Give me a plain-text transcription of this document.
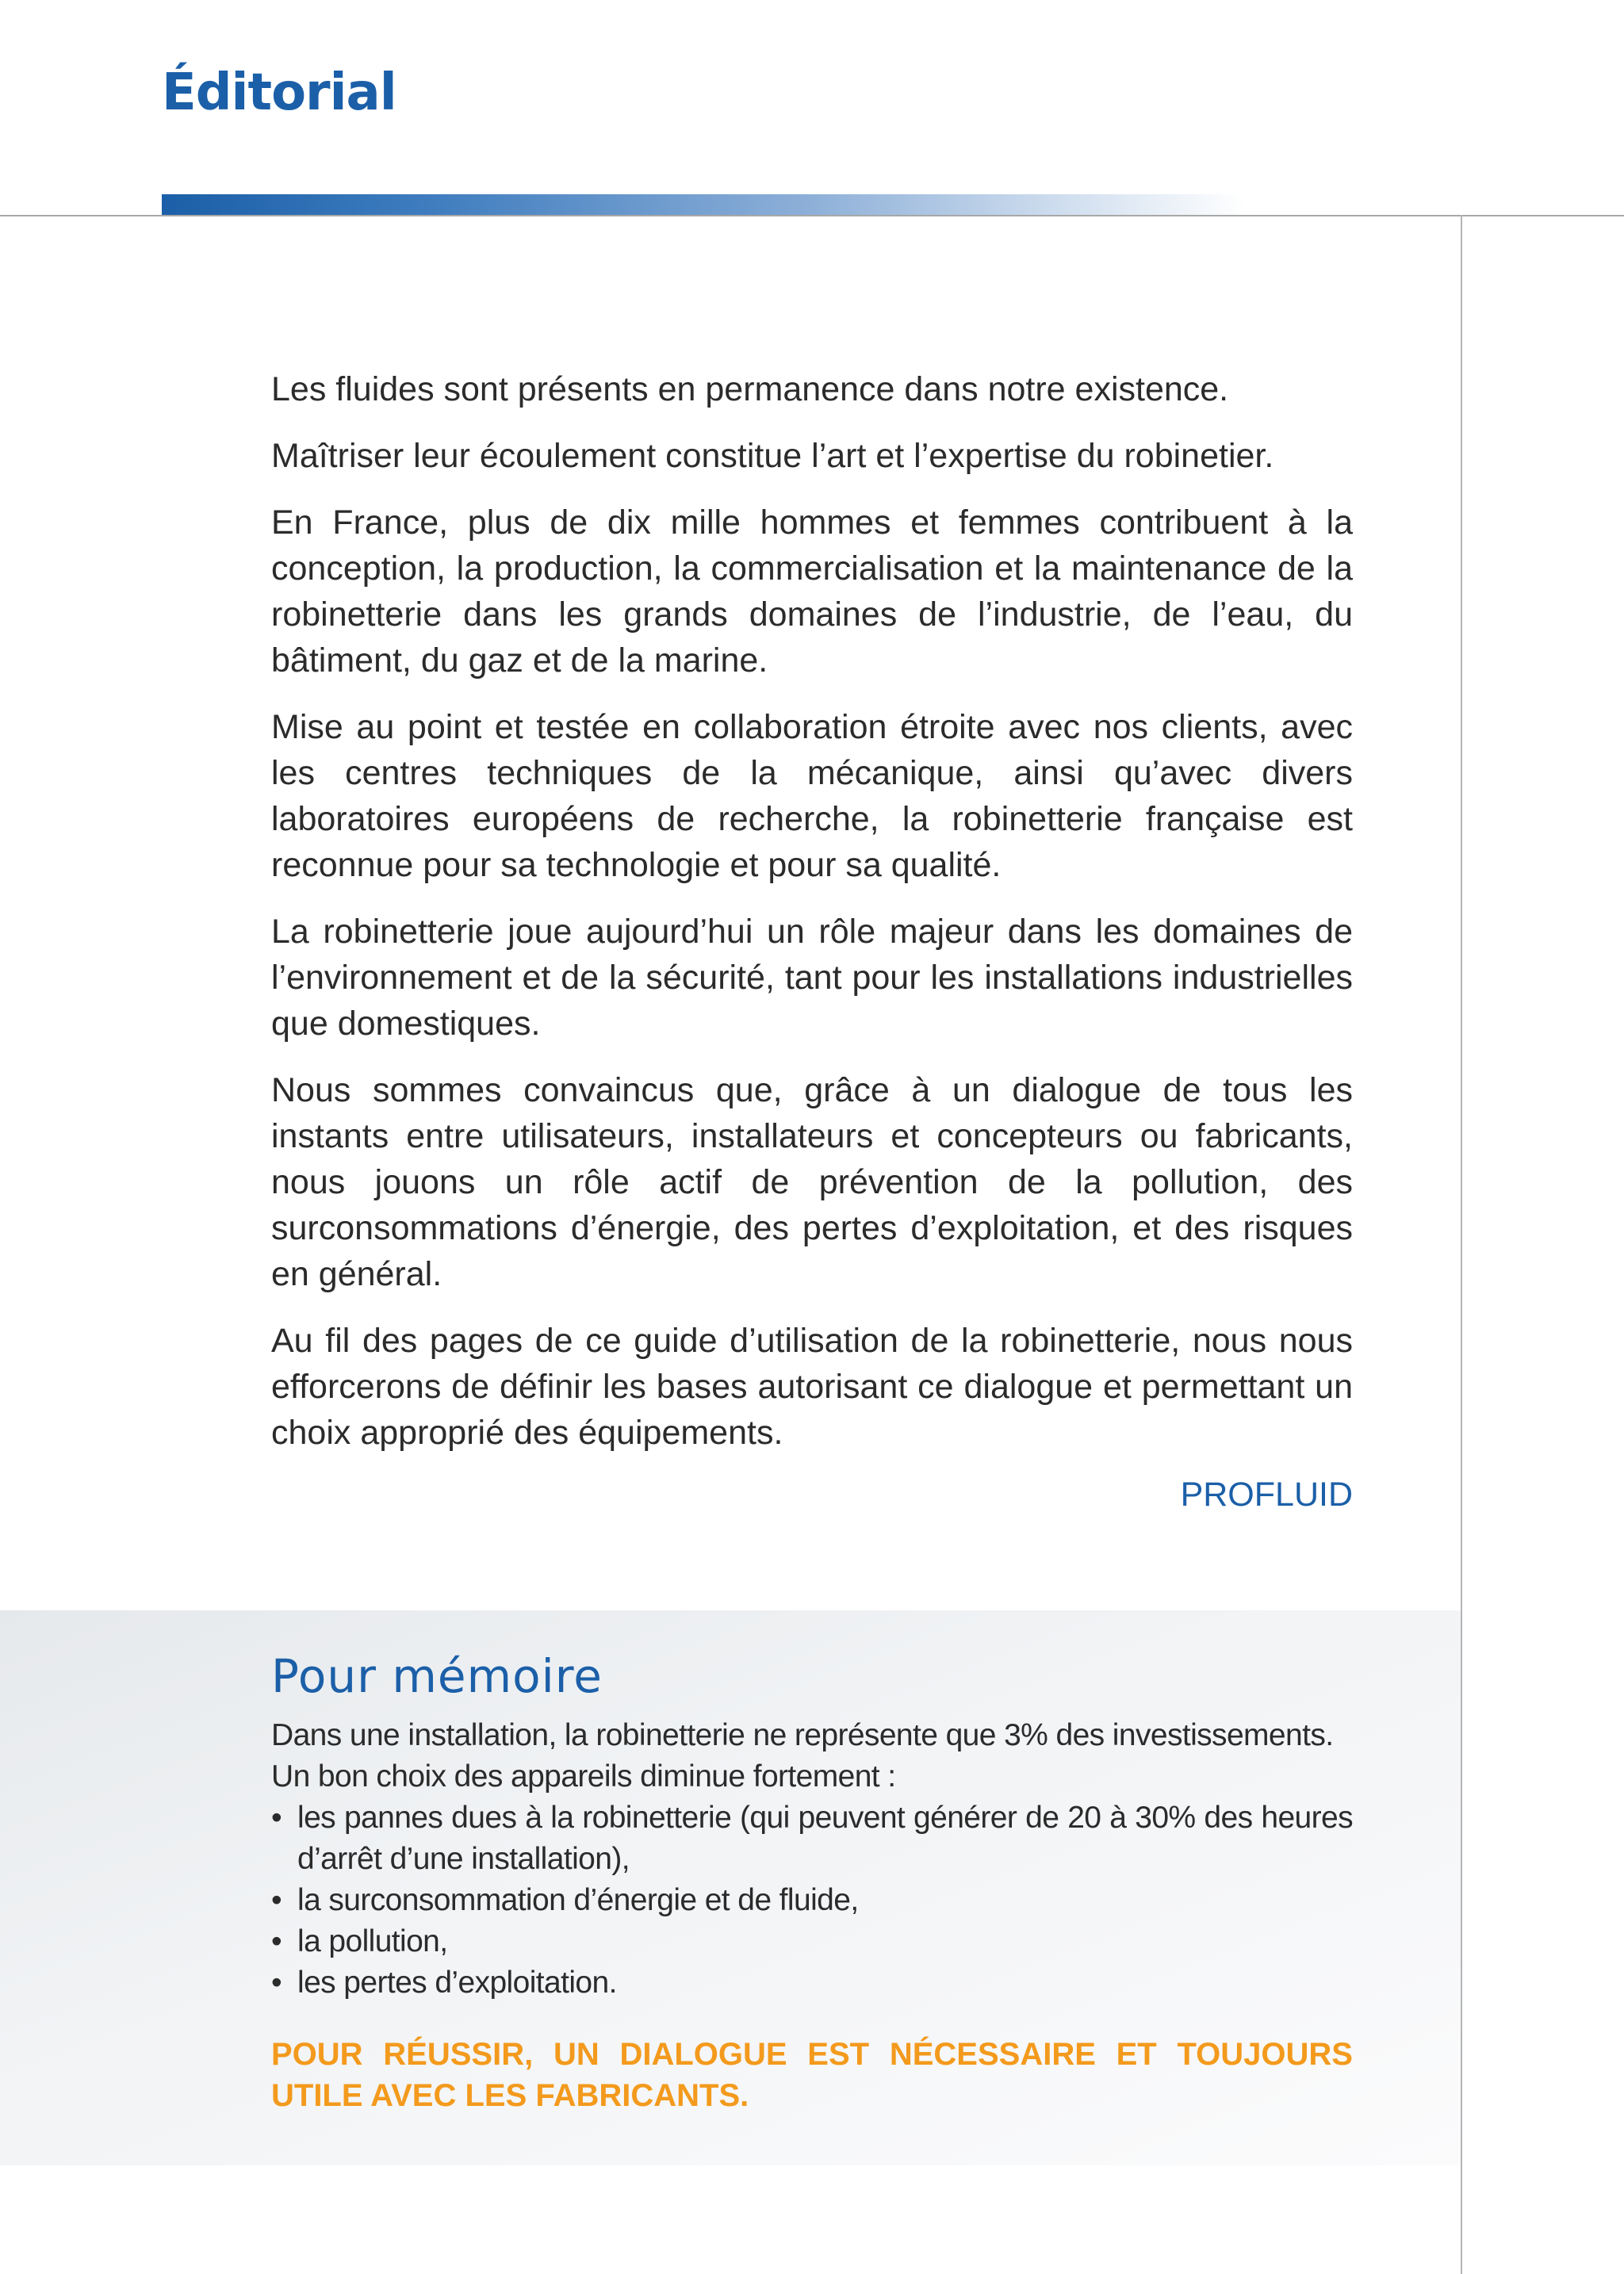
Éditorial

Les fluides sont présents en permanence dans notre existence.

Maîtriser leur écoulement constitue l’art et l’expertise du robinetier.

En France, plus de dix mille hommes et femmes contribuent à la conception, la production, la commercialisation et la maintenance de la robinetterie dans les grands domaines de l’industrie, de l’eau, du bâtiment, du gaz et de la marine.

Mise au point et testée en collaboration étroite avec nos clients, avec les centres techniques de la mécanique, ainsi qu’avec divers laboratoires européens de recherche, la robinetterie française est reconnue pour sa technologie et pour sa qualité.

La robinetterie joue aujourd’hui un rôle majeur dans les domaines de l’environnement et de la sécurité, tant pour les installations industrielles que domestiques.

Nous sommes convaincus que, grâce à un dialogue de tous les instants entre utilisateurs, installateurs et concepteurs ou fabricants, nous jouons un rôle actif de prévention de la pollution, des surconsommations d’énergie, des pertes d’exploitation, et des risques en général.

Au fil des pages de ce guide d’utilisation de la robinetterie, nous nous efforcerons de définir les bases autorisant ce dialogue et permettant un choix approprié des équipements.

PROFLUID
Pour mémoire
Dans une installation, la robinetterie ne représente que 3% des investissements.
Un bon choix des appareils diminue fortement :
• les pannes dues à la robinetterie (qui peuvent générer de 20 à 30% des heures d’arrêt d’une installation),
• la surconsommation d’énergie et de fluide,
• la pollution,
• les pertes d’exploitation.
POUR RÉUSSIR, UN DIALOGUE EST NÉCESSAIRE ET TOUJOURS UTILE AVEC LES FABRICANTS.
